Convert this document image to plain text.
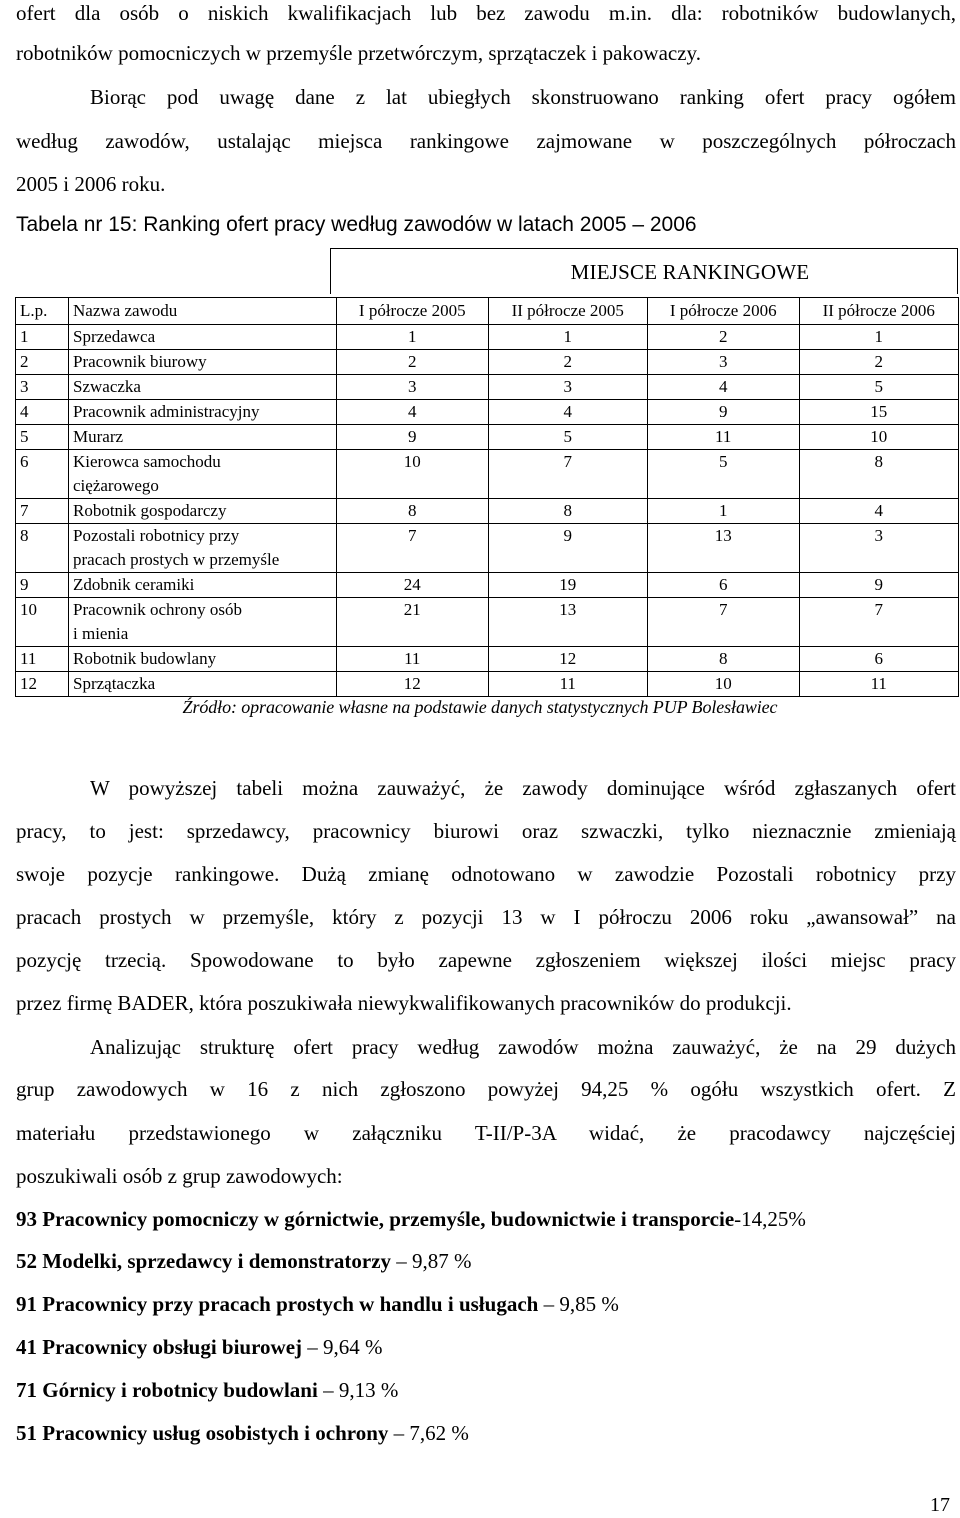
ofert dla osób o niskich kwalifikacjach lub bez zawodu m.in. dla: robotników budowlanych,
robotników pomocniczych w przemyśle przetwórczym, sprzątaczek i pakowaczy.
Biorąc pod uwagę dane z lat ubiegłych skonstruowano ranking ofert pracy ogółem
według zawodów, ustalając miejsca rankingowe zajmowane w poszczególnych półroczach
2005 i 2006 roku.
Tabela nr 15: Ranking ofert pracy według zawodów w latach 2005 – 2006
MIEJSCE RANKINGOWE
L.p.	Nazwa zawodu	I półrocze 2005	II półrocze 2005	I półrocze 2006	II półrocze 2006
1	Sprzedawca	1	1	2	1
2	Pracownik biurowy	2	2	3	2
3	Szwaczka	3	3	4	5
4	Pracownik administracyjny	4	4	9	15
5	Murarz	9	5	11	10
6	Kierowca samochodu
ciężarowego	10	7	5	8
7	Robotnik gospodarczy	8	8	1	4
8	Pozostali robotnicy przy
pracach prostych w przemyśle	7	9	13	3
9	Zdobnik ceramiki	24	19	6	9
10	Pracownik ochrony osób
i mienia	21	13	7	7
11	Robotnik budowlany	11	12	8	6
12	Sprzątaczka	12	11	10	11
Źródło: opracowanie własne na podstawie danych statystycznych PUP Bolesławiec
W powyższej tabeli można zauważyć, że zawody dominujące wśród zgłaszanych ofert
pracy, to jest: sprzedawcy, pracownicy biurowi oraz szwaczki, tylko nieznacznie zmieniają
swoje pozycje rankingowe. Dużą zmianę odnotowano w zawodzie Pozostali robotnicy przy
pracach prostych w przemyśle, który z pozycji 13 w I półroczu 2006 roku „awansował” na
pozycję trzecią. Spowodowane to było zapewne zgłoszeniem większej ilości miejsc pracy
przez firmę BADER, która poszukiwała niewykwalifikowanych pracowników do produkcji.
Analizując strukturę ofert pracy według zawodów można zauważyć, że na 29 dużych
grup zawodowych w 16 z nich zgłoszono powyżej 94,25 % ogółu wszystkich ofert. Z
materiału przedstawionego w załączniku T-II/P-3A widać, że pracodawcy najczęściej
poszukiwali osób z grup zawodowych:
93 Pracownicy pomocniczy w górnictwie, przemyśle, budownictwie i transporcie-14,25%
52 Modelki, sprzedawcy i demonstratorzy – 9,87 %
91 Pracownicy przy pracach prostych w handlu i usługach – 9,85 %
41 Pracownicy obsługi biurowej – 9,64 %
71 Górnicy i robotnicy budowlani – 9,13 %
51 Pracownicy usług osobistych i ochrony – 7,62 %
17
